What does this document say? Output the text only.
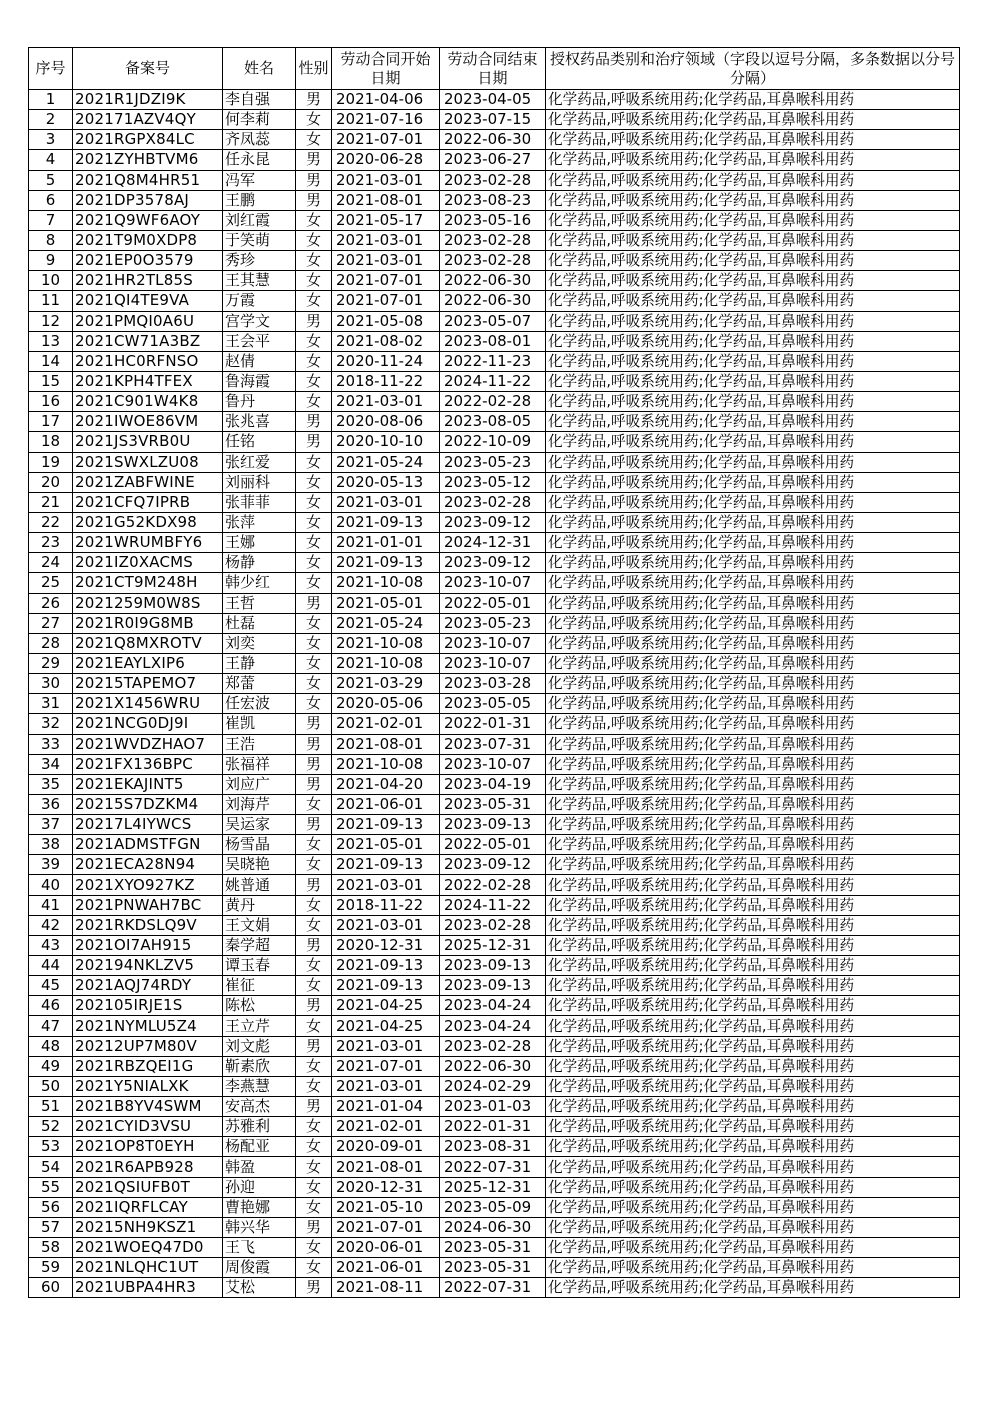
序号	备案号	姓名	性别	劳动合同开始日期	劳动合同结束日期	授权药品类别和治疗领域（字段以逗号分隔，多条数据以分号分隔）
1	2021R1JDZI9K	李自强	男	2021-04-06	2023-04-05	化学药品,呼吸系统用药;化学药品,耳鼻喉科用药
2	202171AZV4QY	何李莉	女	2021-07-16	2023-07-15	化学药品,呼吸系统用药;化学药品,耳鼻喉科用药
3	2021RGPX84LC	齐凤蕊	女	2021-07-01	2022-06-30	化学药品,呼吸系统用药;化学药品,耳鼻喉科用药
4	2021ZYHBTVM6	任永昆	男	2020-06-28	2023-06-27	化学药品,呼吸系统用药;化学药品,耳鼻喉科用药
5	2021Q8M4HR51	冯军	男	2021-03-01	2023-02-28	化学药品,呼吸系统用药;化学药品,耳鼻喉科用药
6	2021DP3578AJ	王鹏	男	2021-08-01	2023-08-23	化学药品,呼吸系统用药;化学药品,耳鼻喉科用药
7	2021Q9WF6AOY	刘红霞	女	2021-05-17	2023-05-16	化学药品,呼吸系统用药;化学药品,耳鼻喉科用药
8	2021T9M0XDP8	于笑萌	女	2021-03-01	2023-02-28	化学药品,呼吸系统用药;化学药品,耳鼻喉科用药
9	2021EP0O3579	秀珍	女	2021-03-01	2023-02-28	化学药品,呼吸系统用药;化学药品,耳鼻喉科用药
10	2021HR2TL85S	王其慧	女	2021-07-01	2022-06-30	化学药品,呼吸系统用药;化学药品,耳鼻喉科用药
11	2021QI4TE9VA	万霞	女	2021-07-01	2022-06-30	化学药品,呼吸系统用药;化学药品,耳鼻喉科用药
12	2021PMQI0A6U	宫学文	男	2021-05-08	2023-05-07	化学药品,呼吸系统用药;化学药品,耳鼻喉科用药
13	2021CW71A3BZ	王会平	女	2021-08-02	2023-08-01	化学药品,呼吸系统用药;化学药品,耳鼻喉科用药
14	2021HC0RFNSO	赵倩	女	2020-11-24	2022-11-23	化学药品,呼吸系统用药;化学药品,耳鼻喉科用药
15	2021KPH4TFEX	鲁海霞	女	2018-11-22	2024-11-22	化学药品,呼吸系统用药;化学药品,耳鼻喉科用药
16	2021C901W4K8	鲁丹	女	2021-03-01	2022-02-28	化学药品,呼吸系统用药;化学药品,耳鼻喉科用药
17	2021IWOE86VM	张兆喜	男	2020-08-06	2023-08-05	化学药品,呼吸系统用药;化学药品,耳鼻喉科用药
18	2021JS3VRB0U	任铭	男	2020-10-10	2022-10-09	化学药品,呼吸系统用药;化学药品,耳鼻喉科用药
19	2021SWXLZU08	张红爱	女	2021-05-24	2023-05-23	化学药品,呼吸系统用药;化学药品,耳鼻喉科用药
20	2021ZABFWINE	刘丽科	女	2020-05-13	2023-05-12	化学药品,呼吸系统用药;化学药品,耳鼻喉科用药
21	2021CFQ7IPRB	张菲菲	女	2021-03-01	2023-02-28	化学药品,呼吸系统用药;化学药品,耳鼻喉科用药
22	2021G52KDX98	张萍	女	2021-09-13	2023-09-12	化学药品,呼吸系统用药;化学药品,耳鼻喉科用药
23	2021WRUMBFY6	王娜	女	2021-01-01	2024-12-31	化学药品,呼吸系统用药;化学药品,耳鼻喉科用药
24	2021IZ0XACMS	杨静	女	2021-09-13	2023-09-12	化学药品,呼吸系统用药;化学药品,耳鼻喉科用药
25	2021CT9M248H	韩少红	女	2021-10-08	2023-10-07	化学药品,呼吸系统用药;化学药品,耳鼻喉科用药
26	2021259M0W8S	王哲	男	2021-05-01	2022-05-01	化学药品,呼吸系统用药;化学药品,耳鼻喉科用药
27	2021R0I9G8MB	杜磊	女	2021-05-24	2023-05-23	化学药品,呼吸系统用药;化学药品,耳鼻喉科用药
28	2021Q8MXROTV	刘奕	女	2021-10-08	2023-10-07	化学药品,呼吸系统用药;化学药品,耳鼻喉科用药
29	2021EAYLXIP6	王静	女	2021-10-08	2023-10-07	化学药品,呼吸系统用药;化学药品,耳鼻喉科用药
30	20215TAPEMO7	郑蕾	女	2021-03-29	2023-03-28	化学药品,呼吸系统用药;化学药品,耳鼻喉科用药
31	2021X1456WRU	任宏波	女	2020-05-06	2023-05-05	化学药品,呼吸系统用药;化学药品,耳鼻喉科用药
32	2021NCG0DJ9I	崔凯	男	2021-02-01	2022-01-31	化学药品,呼吸系统用药;化学药品,耳鼻喉科用药
33	2021WVDZHAO7	王浩	男	2021-08-01	2023-07-31	化学药品,呼吸系统用药;化学药品,耳鼻喉科用药
34	2021FX136BPC	张福祥	男	2021-10-08	2023-10-07	化学药品,呼吸系统用药;化学药品,耳鼻喉科用药
35	2021EKAJINT5	刘应广	男	2021-04-20	2023-04-19	化学药品,呼吸系统用药;化学药品,耳鼻喉科用药
36	20215S7DZKM4	刘海芹	女	2021-06-01	2023-05-31	化学药品,呼吸系统用药;化学药品,耳鼻喉科用药
37	20217L4IYWCS	吴运家	男	2021-09-13	2023-09-13	化学药品,呼吸系统用药;化学药品,耳鼻喉科用药
38	2021ADMSTFGN	杨雪晶	女	2021-05-01	2022-05-01	化学药品,呼吸系统用药;化学药品,耳鼻喉科用药
39	2021ECA28N94	吴晓艳	女	2021-09-13	2023-09-12	化学药品,呼吸系统用药;化学药品,耳鼻喉科用药
40	2021XYO927KZ	姚普通	男	2021-03-01	2022-02-28	化学药品,呼吸系统用药;化学药品,耳鼻喉科用药
41	2021PNWAH7BC	黄丹	女	2018-11-22	2024-11-22	化学药品,呼吸系统用药;化学药品,耳鼻喉科用药
42	2021RKDSLQ9V	王文娟	女	2021-03-01	2023-02-28	化学药品,呼吸系统用药;化学药品,耳鼻喉科用药
43	2021OI7AH915	秦学超	男	2020-12-31	2025-12-31	化学药品,呼吸系统用药;化学药品,耳鼻喉科用药
44	202194NKLZV5	谭玉春	女	2021-09-13	2023-09-13	化学药品,呼吸系统用药;化学药品,耳鼻喉科用药
45	2021AQJ74RDY	崔征	女	2021-09-13	2023-09-13	化学药品,呼吸系统用药;化学药品,耳鼻喉科用药
46	202105IRJE1S	陈松	男	2021-04-25	2023-04-24	化学药品,呼吸系统用药;化学药品,耳鼻喉科用药
47	2021NYMLU5Z4	王立芹	女	2021-04-25	2023-04-24	化学药品,呼吸系统用药;化学药品,耳鼻喉科用药
48	20212UP7M80V	刘文彪	男	2021-03-01	2023-02-28	化学药品,呼吸系统用药;化学药品,耳鼻喉科用药
49	2021RBZQEI1G	靳素欣	女	2021-07-01	2022-06-30	化学药品,呼吸系统用药;化学药品,耳鼻喉科用药
50	2021Y5NIALXK	李燕慧	女	2021-03-01	2024-02-29	化学药品,呼吸系统用药;化学药品,耳鼻喉科用药
51	2021B8YV4SWM	安高杰	男	2021-01-04	2023-01-03	化学药品,呼吸系统用药;化学药品,耳鼻喉科用药
52	2021CYID3VSU	苏雅利	女	2021-02-01	2022-01-31	化学药品,呼吸系统用药;化学药品,耳鼻喉科用药
53	2021OP8T0EYH	杨配亚	女	2020-09-01	2023-08-31	化学药品,呼吸系统用药;化学药品,耳鼻喉科用药
54	2021R6APB928	韩盈	女	2021-08-01	2022-07-31	化学药品,呼吸系统用药;化学药品,耳鼻喉科用药
55	2021QSIUFB0T	孙迎	女	2020-12-31	2025-12-31	化学药品,呼吸系统用药;化学药品,耳鼻喉科用药
56	2021IQRFLCAY	曹艳娜	女	2021-05-10	2023-05-09	化学药品,呼吸系统用药;化学药品,耳鼻喉科用药
57	20215NH9KSZ1	韩兴华	男	2021-07-01	2024-06-30	化学药品,呼吸系统用药;化学药品,耳鼻喉科用药
58	2021WOEQ47D0	王飞	女	2020-06-01	2023-05-31	化学药品,呼吸系统用药;化学药品,耳鼻喉科用药
59	2021NLQHC1UT	周俊霞	女	2021-06-01	2023-05-31	化学药品,呼吸系统用药;化学药品,耳鼻喉科用药
60	2021UBPA4HR3	艾松	男	2021-08-11	2022-07-31	化学药品,呼吸系统用药;化学药品,耳鼻喉科用药
